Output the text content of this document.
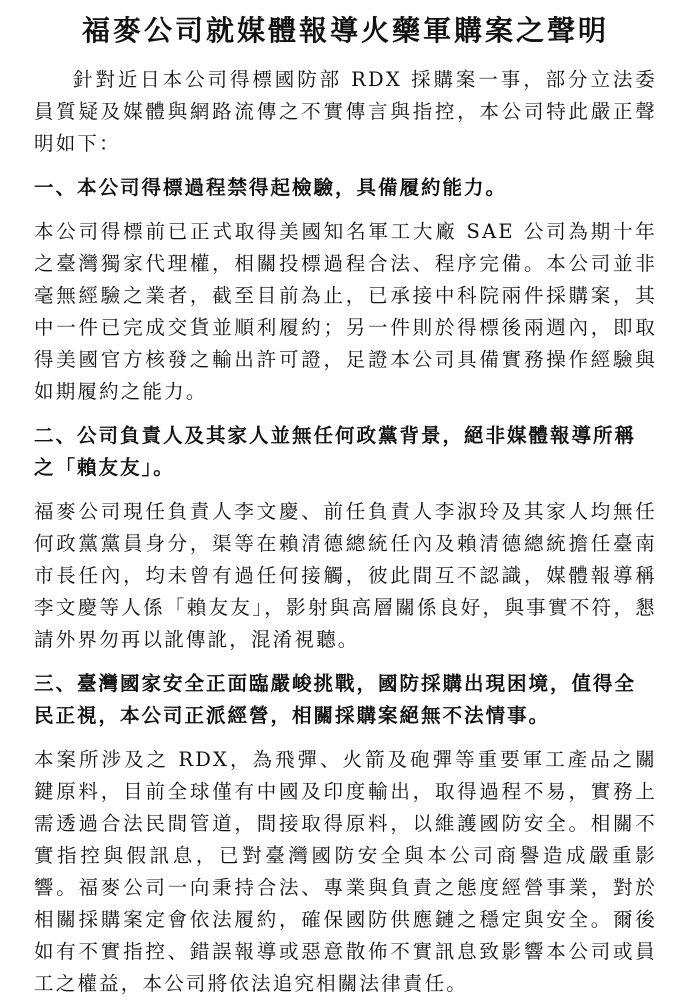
福麥公司就媒體報導火藥軍購案之聲明

針對近日本公司得標國防部 RDX 採購案一事，部分立法委員質疑及媒體與網路流傳之不實傳言與指控，本公司特此嚴正聲明如下：

一、本公司得標過程禁得起檢驗，具備履約能力。

本公司得標前已正式取得美國知名軍工大廠 SAE 公司為期十年之臺灣獨家代理權，相關投標過程合法、程序完備。本公司並非毫無經驗之業者，截至目前為止，已承接中科院兩件採購案，其中一件已完成交貨並順利履約；另一件則於得標後兩週內，即取得美國官方核發之輸出許可證，足證本公司具備實務操作經驗與如期履約之能力。

二、公司負責人及其家人並無任何政黨背景，絕非媒體報導所稱之「賴友友」。

福麥公司現任負責人李文慶、前任負責人李淑玲及其家人均無任何政黨黨員身分，渠等在賴清德總統任內及賴清德總統擔任臺南市長任內，均未曾有過任何接觸，彼此間互不認識，媒體報導稱李文慶等人係「賴友友」，影射與高層關係良好，與事實不符，懇請外界勿再以訛傳訛，混淆視聽。

三、臺灣國家安全正面臨嚴峻挑戰，國防採購出現困境，值得全民正視，本公司正派經營，相關採購案絕無不法情事。

本案所涉及之 RDX，為飛彈、火箭及砲彈等重要軍工產品之關鍵原料，目前全球僅有中國及印度輸出，取得過程不易，實務上需透過合法民間管道，間接取得原料，以維護國防安全。相關不實指控與假訊息，已對臺灣國防安全與本公司商譽造成嚴重影響。福麥公司一向秉持合法、專業與負責之態度經營事業，對於相關採購案定會依法履約，確保國防供應鏈之穩定與安全。爾後如有不實指控、錯誤報導或惡意散佈不實訊息致影響本公司或員工之權益，本公司將依法追究相關法律責任。
